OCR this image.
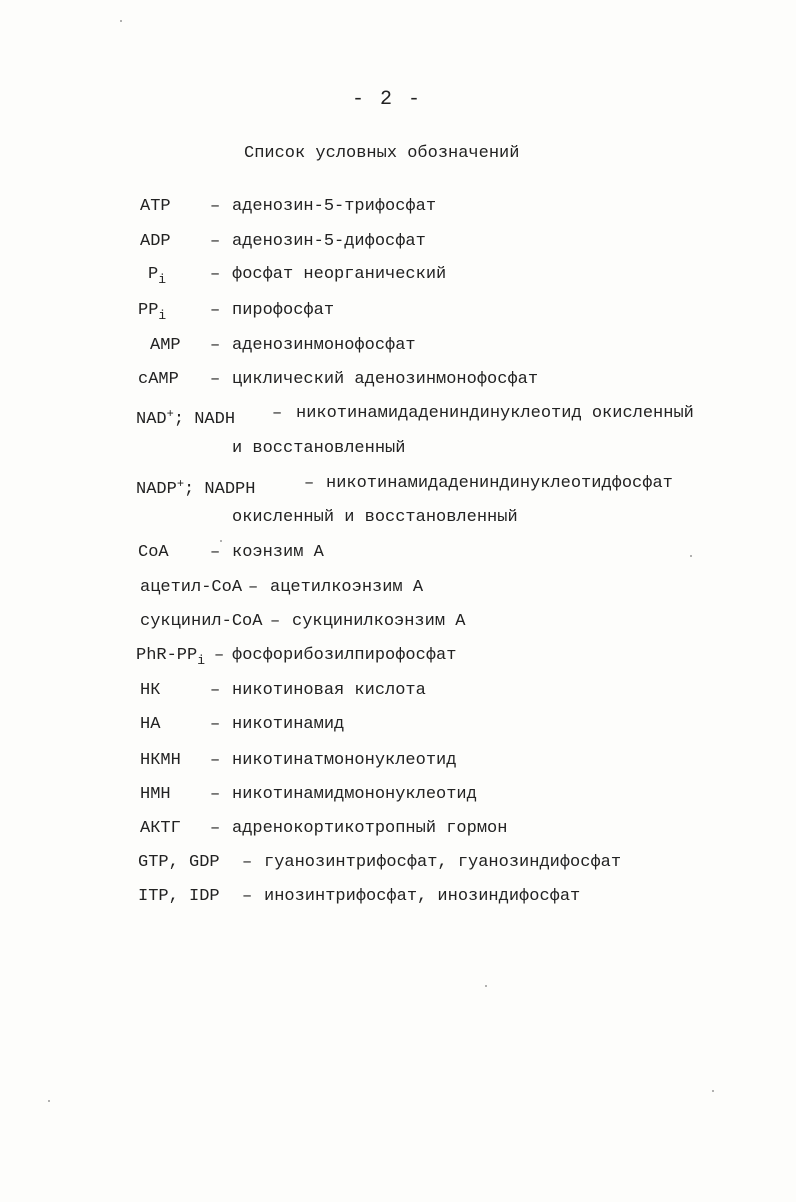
- 2 -
Список условных обозначений
ATP – аденозин-5-трифосфат
ADP – аденозин-5-дифосфат
$P_i$	– фосфат неорганический
$PP_i$	– пирофосфат
AMP – аденозинмонофосфат
cAMP – циклический аденозинмонофосфат
NAD+; NADH – никотинамидадениндинуклеотид окисленный
и восстановленный
NADP+; NADPH	– никотинамидадениндинуклеотидфосфат
окисленный и восстановленный
CoA – коэнзим А
ацетил-CoA – ацетилкоэнзим А
сукцинил-CoA – сукцинилкоэнзим А
PhR-$PP_i$ – фосфорибозилпирофосфат
НК	– никотиновая кислота
НА	– никотинамид
НКМН – никотинатмононуклеотид
НМН – никотинамидмононуклеотид
АКТГ – адренокортикотропный гормон
GTP, GDP – гуанозинтрифосфат, гуанозиндифосфат
ITP, IDP – инозинтрифосфат, инозиндифосфат
